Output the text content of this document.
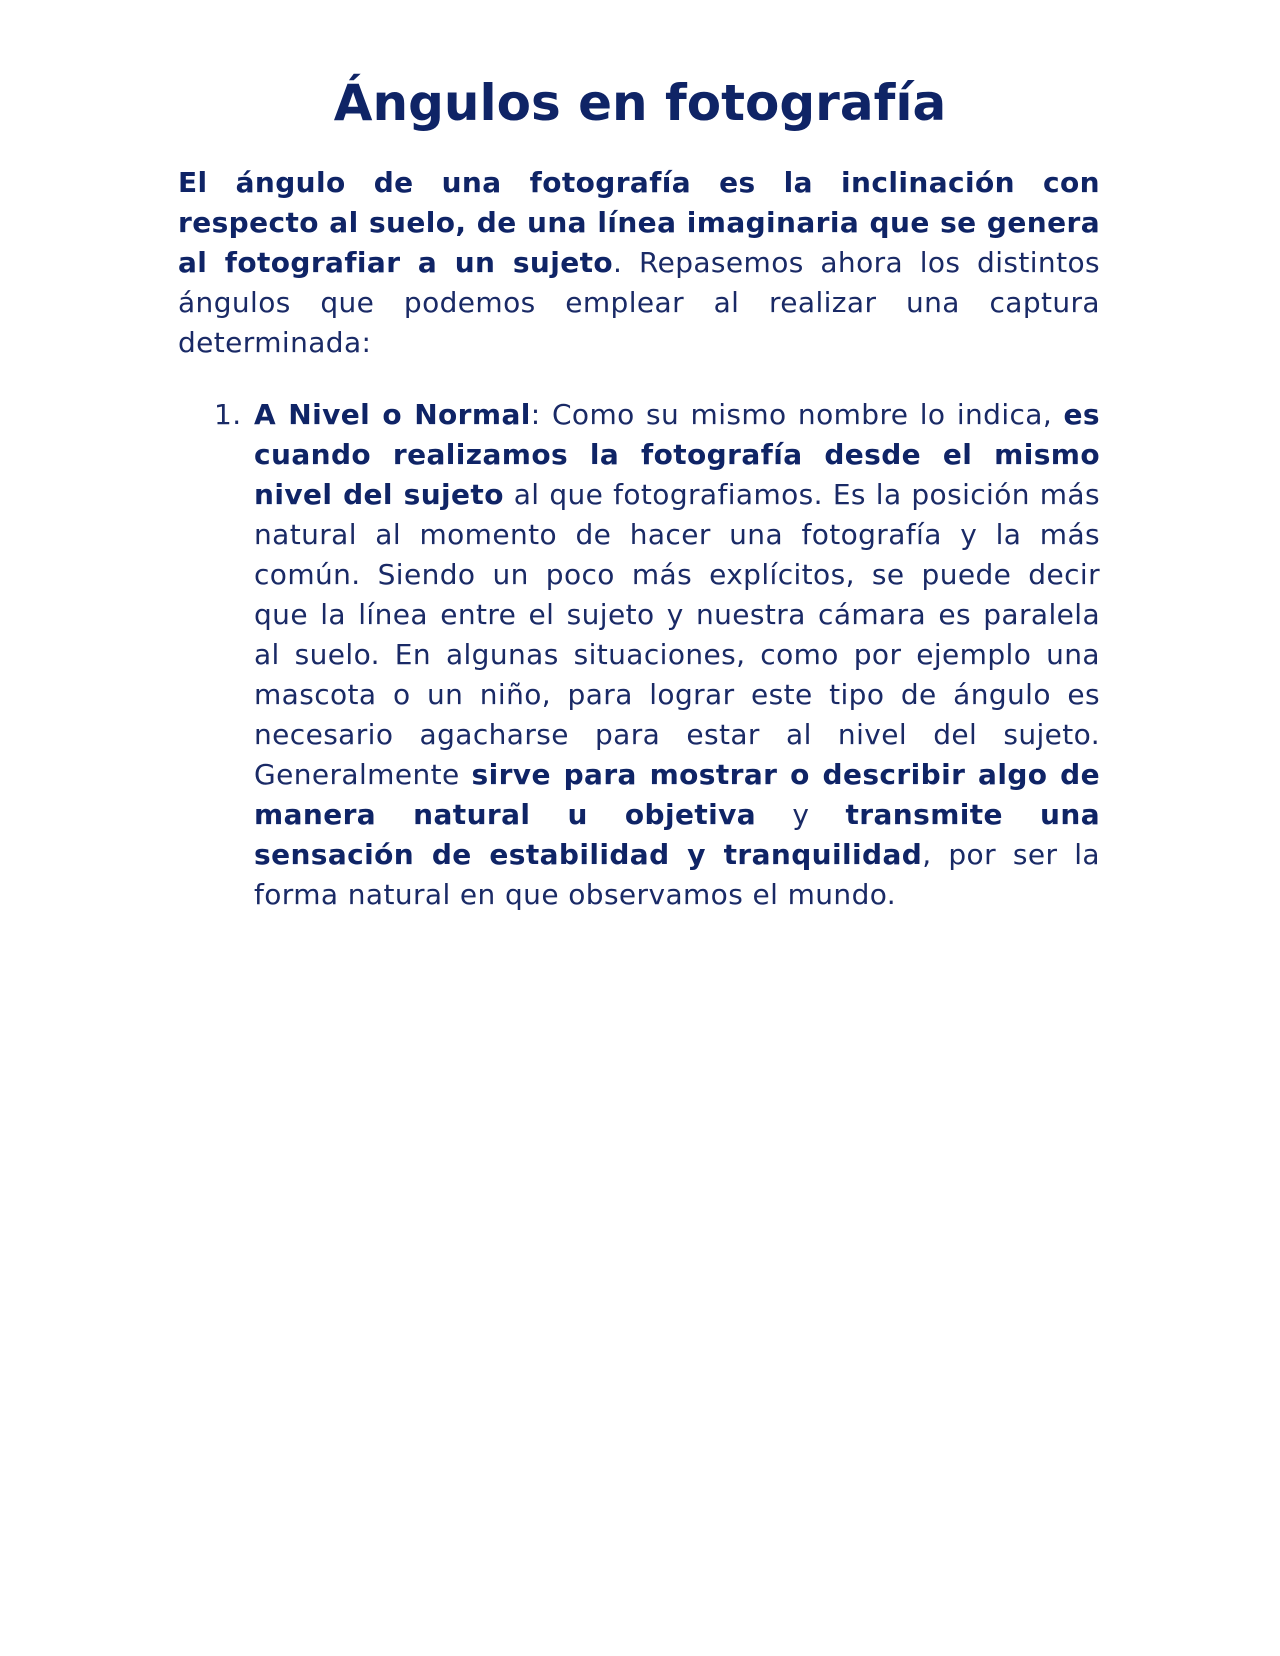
Ángulos en fotografía

El ángulo de una fotografía es la inclinación con respecto al suelo, de una línea imaginaria que se genera al fotografiar a un sujeto. Repasemos ahora los distintos ángulos que podemos emplear al realizar una captura determinada:

1. A Nivel o Normal: Como su mismo nombre lo indica, es cuando realizamos la fotografía desde el mismo nivel del sujeto al que fotografiamos. Es la posición más natural al momento de hacer una fotografía y la más común. Siendo un poco más explícitos, se puede decir que la línea entre el sujeto y nuestra cámara es paralela al suelo. En algunas situaciones, como por ejemplo una mascota o un niño, para lograr este tipo de ángulo es necesario agacharse para estar al nivel del sujeto. Generalmente sirve para mostrar o describir algo de manera natural u objetiva y transmite una sensación de estabilidad y tranquilidad, por ser la forma natural en que observamos el mundo.
